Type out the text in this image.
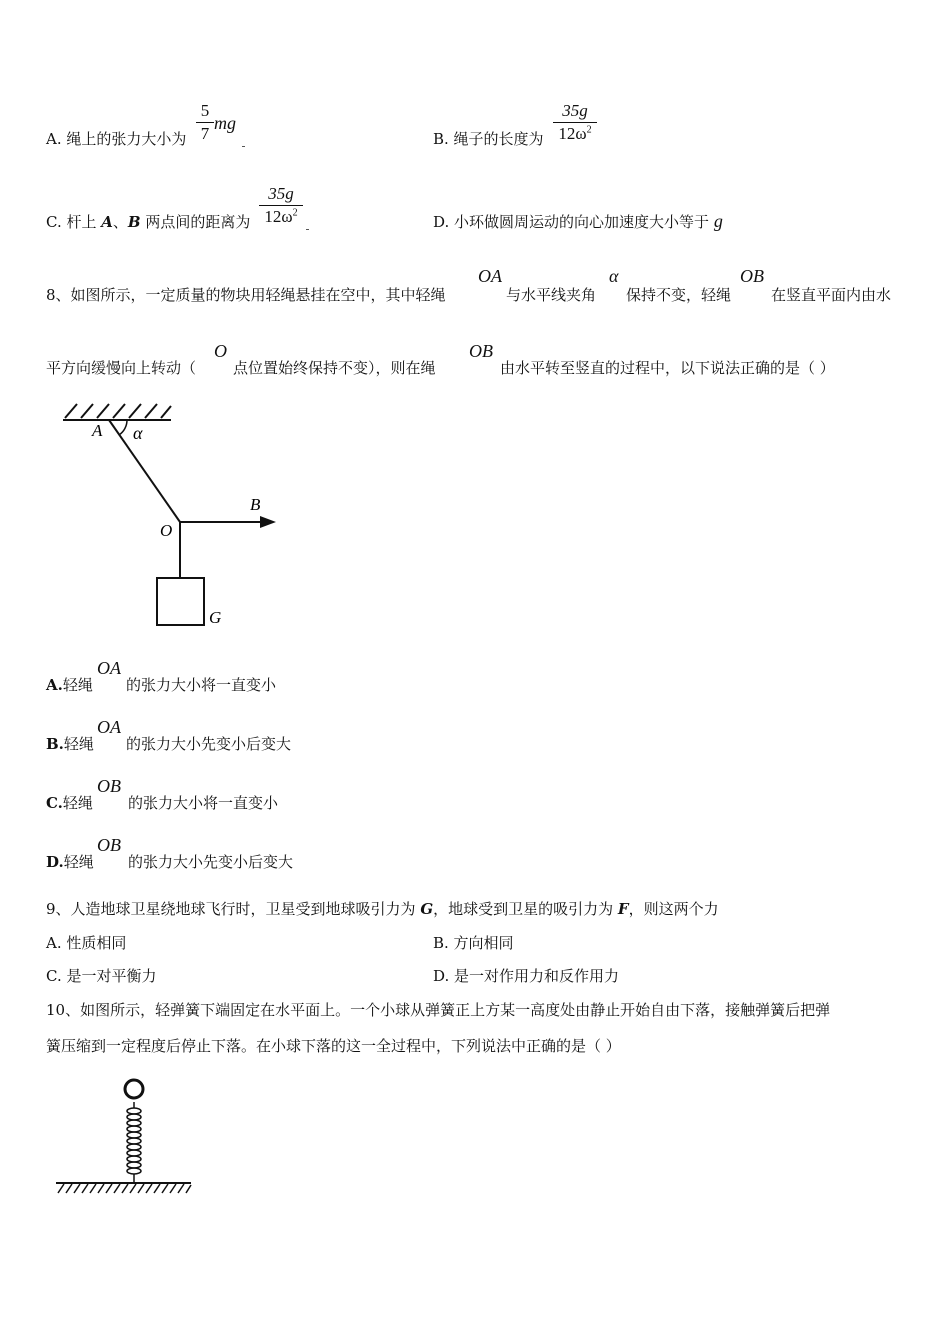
A. 绳上的张力大小为
5
7
mg
B. 绳子的长度为
35g
$12\omega^2$
C. 杆上 A、B 两点间的距离为
35g
$12\omega^2$
D. 小环做圆周运动的向心加速度大小等于 g
8、如图所示，一定质量的物块用轻绳悬挂在空中，其中轻绳
OA
与水平线夹角
α
保持不变，轻绳
OB
在竖直平面内由水
平方向缓慢向上转动（
O
点位置始终保持不变），则在绳
OB
由水平转至竖直的过程中，以下说法正确的是（ ）
A α
O
B
G
A.轻绳
OA
的张力大小将一直变小
B.轻绳
OA
的张力大小先变小后变大
C.轻绳
OB
的张力大小将一直变小
D.轻绳
OB
的张力大小先变小后变大
9、人造地球卫星绕地球飞行时，卫星受到地球吸引力为 G，地球受到卫星的吸引力为 F，则这两个力
A. 性质相同	B. 方向相同
C. 是一对平衡力	D. 是一对作用力和反作用力
10、如图所示，轻弹簧下端固定在水平面上。一个小球从弹簧正上方某一高度处由静止开始自由下落，接触弹簧后把弹
簧压缩到一定程度后停止下落。在小球下落的这一全过程中，下列说法中正确的是（ ）
